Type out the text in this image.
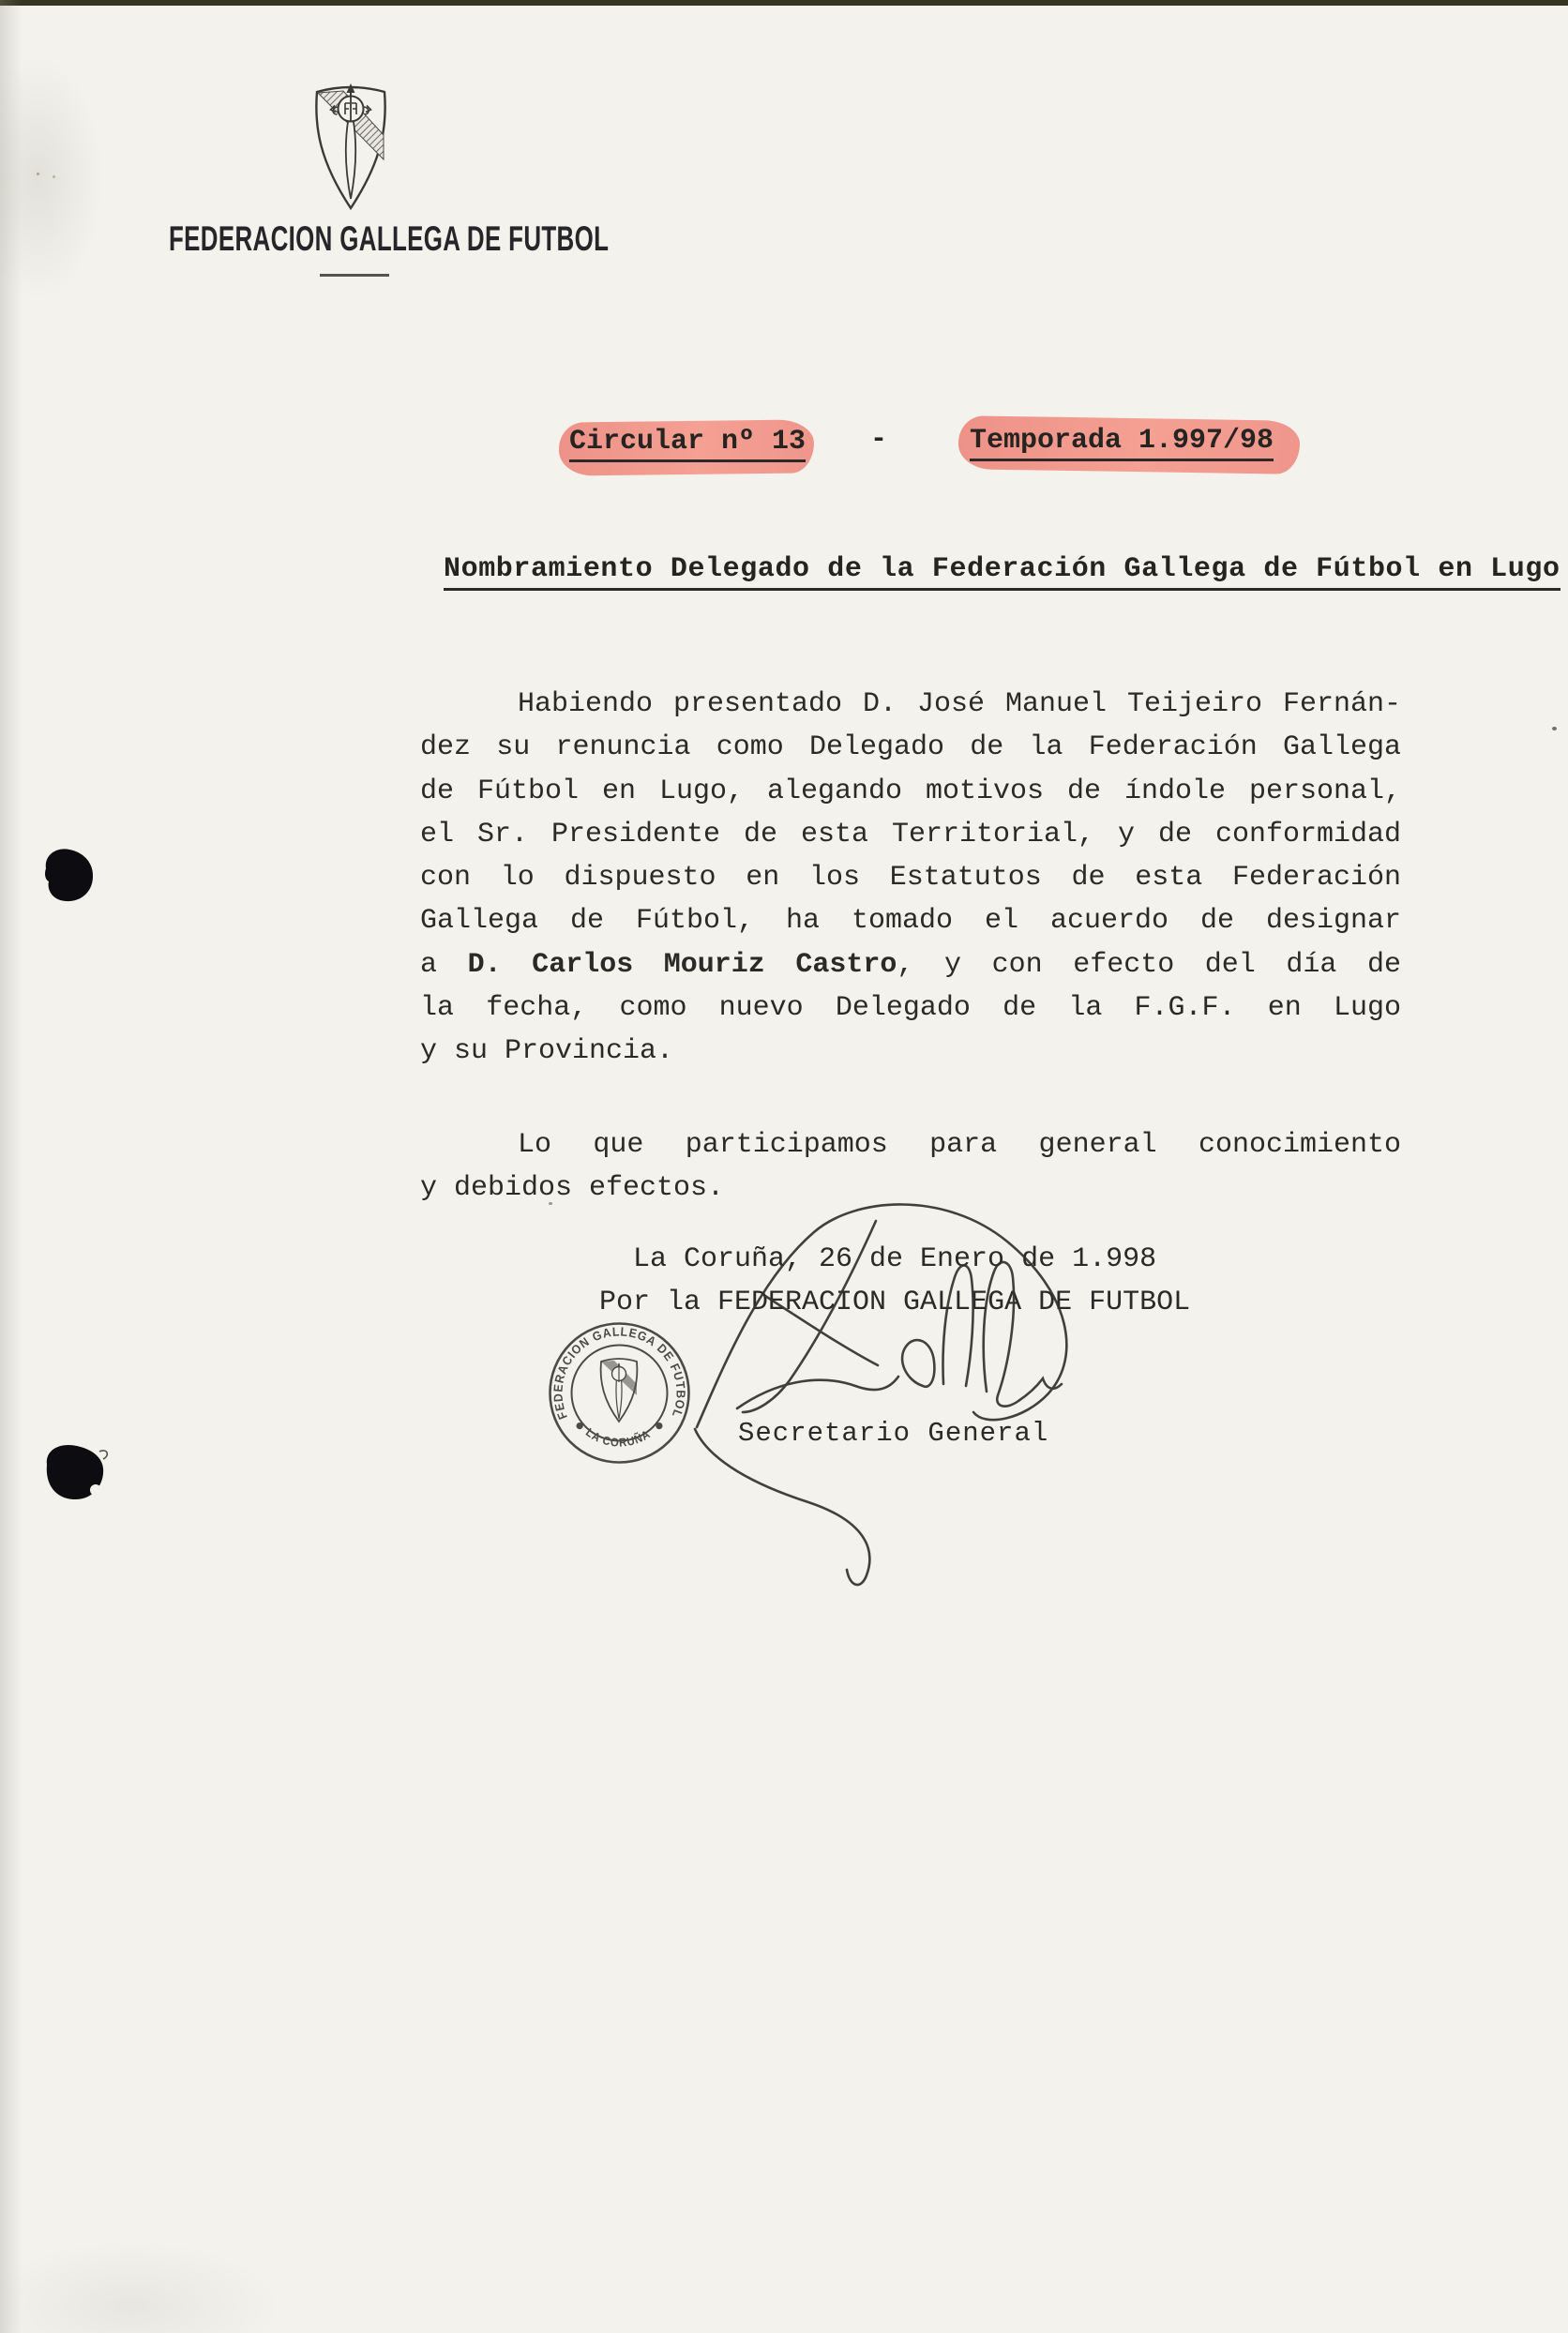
FEDERACION GALLEGA DE FUTBOL
Circular nº 13 -	Temporada 1.997/98
Nombramiento Delegado de la Federación Gallega de Fútbol en Lugo
Habiendo presentado D. José Manuel Teijeiro Fernán-
dez su renuncia como Delegado de la Federación Gallega
de Fútbol en Lugo, alegando motivos de índole personal,
el Sr. Presidente de esta Territorial, y de conformidad
con lo dispuesto en los Estatutos de esta Federación
Gallega de Fútbol, ha tomado el acuerdo de designar
a D. Carlos Mouriz Castro, y con efecto del día de
la fecha, como nuevo Delegado de la F.G.F. en Lugo
y su Provincia.
Lo que participamos para general conocimiento
y debidos efectos.
La Coruña, 26 de Enero de 1.998
Por la FEDERACION GALLEGA DE FUTBOL
Secretario General
FEDERACION GALLEGA DE FUTBOL
LA CORUÑA
